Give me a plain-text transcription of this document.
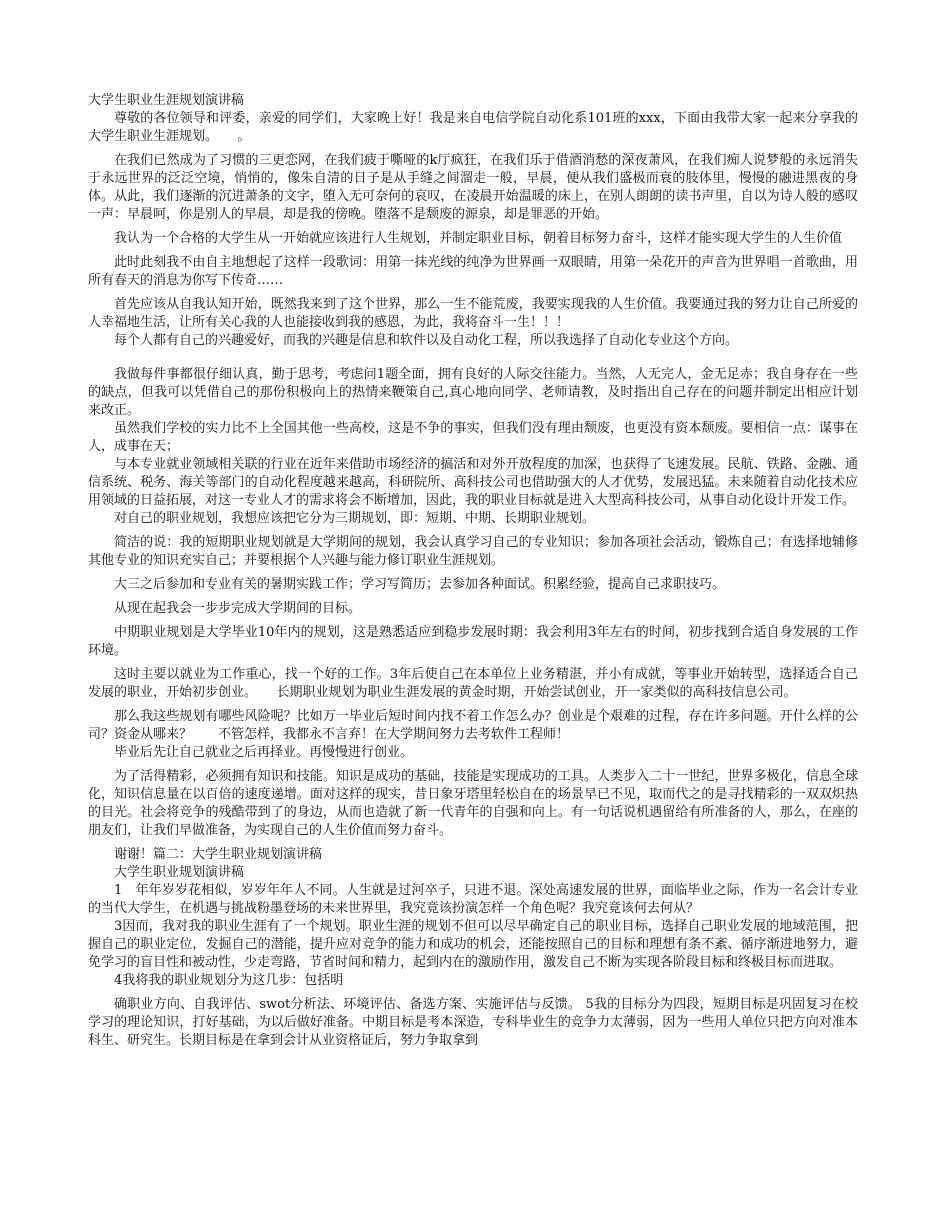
大学生职业生涯规划演讲稿

尊敬的各位领导和评委，亲爱的同学们，大家晚上好！我是来自电信学院自动化系101班的xxx，下面由我带大家一起来分享我的大学生职业生涯规划。　　。

在我们已然成为了习惯的三更恋网，在我们疲于嘶哑的k厅疯狂，在我们乐于借酒消愁的深夜萧风，在我们痴人说梦般的永远消失于永远世界的泛泛空境，悄悄的，像朱自清的日子是从手缝之间溜走一般，早晨，便从我们盛极而衰的肢体里，慢慢的融进黑夜的身体。从此，我们逐渐的沉进萧条的文字，堕入无可奈何的哀叹，在凌晨开始温暖的床上，在别人朗朗的读书声里，自以为诗人般的感叹一声：早晨呵，你是别人的早晨，却是我的傍晚。堕落不是颓废的源泉，却是罪恶的开始。

我认为一个合格的大学生从一开始就应该进行人生规划，并制定职业目标，朝着目标努力奋斗，这样才能实现大学生的人生价值

此时此刻我不由自主地想起了这样一段歌词：用第一抹光线的纯净为世界画一双眼睛，用第一朵花开的声音为世界唱一首歌曲，用所有春天的消息为你写下传奇……

首先应该从自我认知开始，既然我来到了这个世界，那么一生不能荒废，我要实现我的人生价值。我要通过我的努力让自己所爱的人幸福地生活，让所有关心我的人也能接收到我的感恩，为此，我将奋斗一生！！！

每个人都有自己的兴趣爱好，而我的兴趣是信息和软件以及自动化工程，所以我选择了自动化专业这个方向。

我做每件事都很仔细认真，勤于思考，考虑问1题全面，拥有良好的人际交往能力。当然，人无完人，金无足赤；我自身存在一些的缺点，但我可以凭借自己的那份积极向上的热情来鞭策自己,真心地向同学、老师请教，及时指出自己存在的问题并制定出相应计划来改正。

虽然我们学校的实力比不上全国其他一些高校，这是不争的事实，但我们没有理由颓废，也更没有资本颓废。要相信一点：谋事在人，成事在天；

与本专业就业领域相关联的行业在近年来借助市场经济的搞活和对外开放程度的加深，也获得了飞速发展。民航、铁路、金融、通信系统、税务、海关等部门的自动化程度越来越高，科研院所、高科技公司也借助强大的人才优势，发展迅猛。未来随着自动化技术应用领域的日益拓展，对这一专业人才的需求将会不断增加，因此，我的职业目标就是进入大型高科技公司，从事自动化设计开发工作。

对自己的职业规划，我想应该把它分为三期规划，即：短期、中期、长期职业规划。

简洁的说：我的短期职业规划就是大学期间的规划，我会认真学习自己的专业知识；参加各项社会活动，锻炼自己；有选择地辅修其他专业的知识充实自己；并要根据个人兴趣与能力修订职业生涯规划。

大三之后参加和专业有关的暑期实践工作；学习写简历；去参加各种面试。积累经验，提高自己求职技巧。

从现在起我会一步步完成大学期间的目标。

中期职业规划是大学毕业10年内的规划，这是熟悉适应到稳步发展时期：我会利用3年左右的时间，初步找到合适自身发展的工作环境。

这时主要以就业为工作重心，找一个好的工作。3年后使自己在本单位上业务精湛，并小有成就，等事业开始转型，选择适合自己发展的职业，开始初步创业。　　长期职业规划为职业生涯发展的黄金时期，开始尝试创业，开一家类似的高科技信息公司。

那么我这些规划有哪些风险呢？比如万一毕业后短时间内找不着工作怎么办？创业是个艰难的过程，存在许多问题。开什么样的公司？资金从哪来？　　不管怎样，我都永不言弃！在大学期间努力去考软件工程师！

毕业后先让自己就业之后再择业。再慢慢进行创业。

为了活得精彩，必须拥有知识和技能。知识是成功的基础，技能是实现成功的工具。人类步入二十一世纪，世界多极化，信息全球化，知识信息量在以百倍的速度递增。面对这样的现实，昔日象牙塔里轻松自在的场景早已不见，取而代之的是寻找精彩的一双双炽热的目光。社会将竞争的残酷带到了的身边，从而也造就了新一代青年的自强和向上。有一句话说机遇留给有所准备的人，那么，在座的朋友们，让我们早做准备，为实现自己的人生价值而努力奋斗。

谢谢！篇二：大学生职业规划演讲稿

大学生职业规划演讲稿

1　年年岁岁花相似，岁岁年年人不同。人生就是过河卒子，只进不退。深处高速发展的世界，面临毕业之际，作为一名会计专业的当代大学生，在机遇与挑战粉墨登场的未来世界里，我究竟该扮演怎样一个角色呢？我究竟该何去何从？

3因而，我对我的职业生涯有了一个规划。职业生涯的规划不但可以尽早确定自己的职业目标，选择自己职业发展的地域范围，把握自己的职业定位，发掘自己的潜能，提升应对竞争的能力和成功的机会，还能按照自己的目标和理想有条不紊、循序渐进地努力，避免学习的盲目性和被动性，少走弯路，节省时间和精力，起到内在的激励作用，激发自己不断为实现各阶段目标和终极目标而进取。

4我将我的职业规划分为这几步：包括明

确职业方向、自我评估、swot分析法、环境评估、备选方案、实施评估与反馈。 5我的目标分为四段，短期目标是巩固复习在校学习的理论知识，打好基础，为以后做好准备。中期目标是考本深造，专科毕业生的竞争力太薄弱，因为一些用人单位只把方向对准本科生、研究生。长期目标是在拿到会计从业资格证后，努力争取拿到
